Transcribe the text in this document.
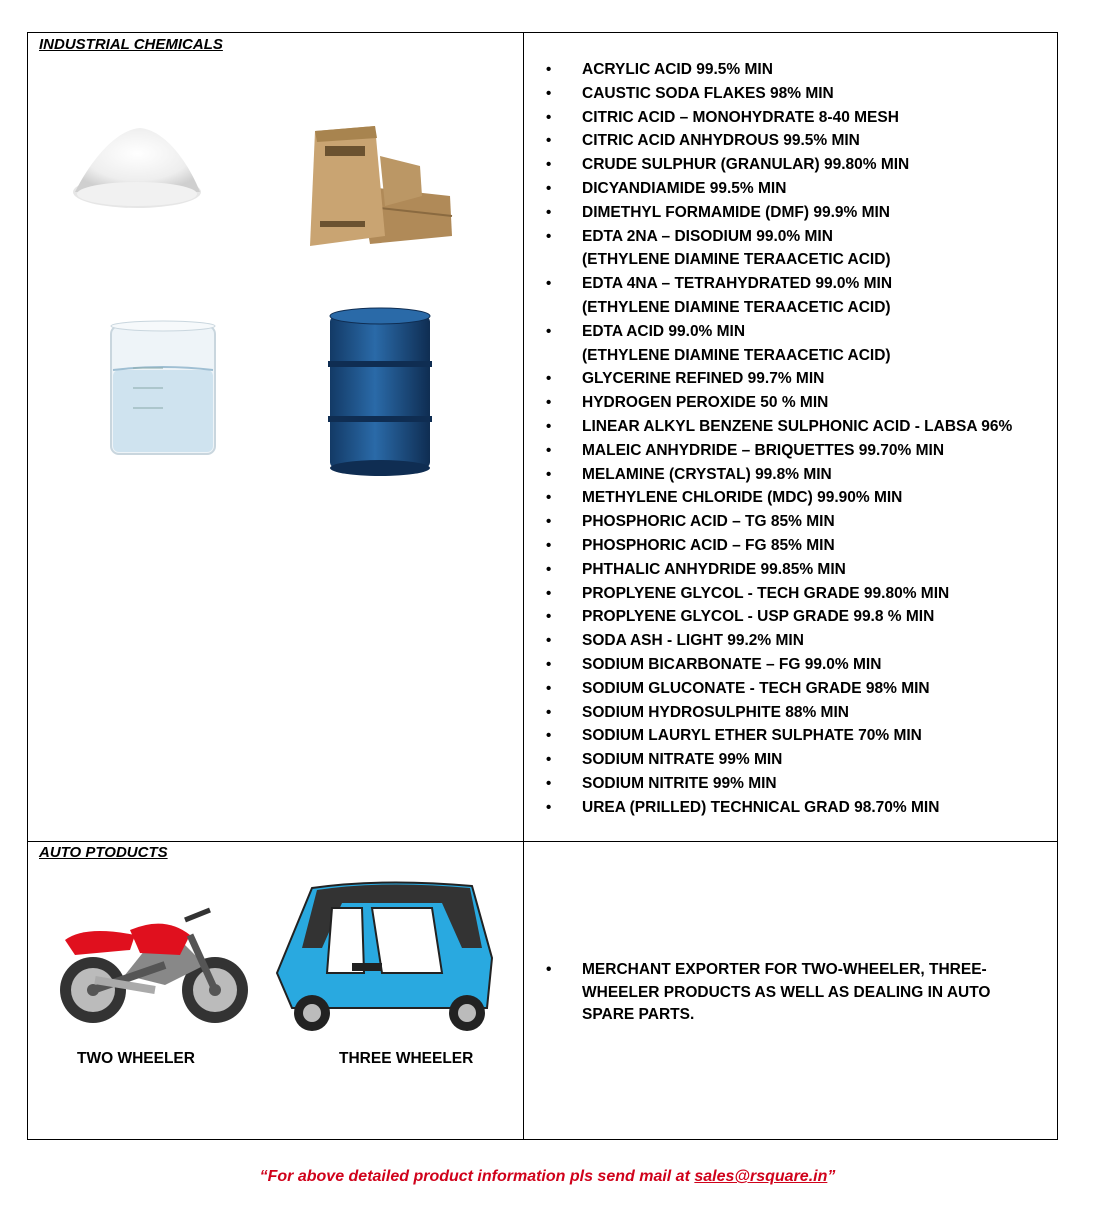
INDUSTRIAL CHEMICALS
• ACRYLIC ACID 99.5% MIN
• CAUSTIC SODA FLAKES 98% MIN
• CITRIC ACID – MONOHYDRATE 8-40 MESH
• CITRIC ACID ANHYDROUS 99.5% MIN
• CRUDE SULPHUR (GRANULAR) 99.80% MIN
• DICYANDIAMIDE 99.5% MIN
• DIMETHYL FORMAMIDE (DMF) 99.9% MIN
• EDTA 2NA – DISODIUM 99.0% MIN
(ETHYLENE DIAMINE TERAACETIC ACID)
• EDTA 4NA – TETRAHYDRATED 99.0% MIN
(ETHYLENE DIAMINE TERAACETIC ACID)
• EDTA ACID 99.0% MIN
(ETHYLENE DIAMINE TERAACETIC ACID)
• GLYCERINE REFINED 99.7% MIN
• HYDROGEN PEROXIDE 50 % MIN
• LINEAR ALKYL BENZENE SULPHONIC ACID - LABSA 96%
• MALEIC ANHYDRIDE – BRIQUETTES 99.70% MIN
• MELAMINE (CRYSTAL) 99.8% MIN
• METHYLENE CHLORIDE (MDC) 99.90% MIN
• PHOSPHORIC ACID – TG 85% MIN
• PHOSPHORIC ACID – FG 85% MIN
• PHTHALIC ANHYDRIDE 99.85% MIN
• PROPLYENE GLYCOL - TECH GRADE 99.80% MIN
• PROPLYENE GLYCOL - USP GRADE 99.8 % MIN
• SODA ASH - LIGHT 99.2% MIN
• SODIUM BICARBONATE – FG 99.0% MIN
• SODIUM GLUCONATE - TECH GRADE 98% MIN
• SODIUM HYDROSULPHITE 88% MIN
• SODIUM LAURYL ETHER SULPHATE 70% MIN
• SODIUM NITRATE 99% MIN
• SODIUM NITRITE 99% MIN
• UREA (PRILLED) TECHNICAL GRAD 98.70% MIN
AUTO PTODUCTS
TWO WHEELER	THREE WHEELER
• MERCHANT EXPORTER FOR TWO-WHEELER, THREE-WHEELER PRODUCTS AS WELL AS DEALING IN AUTO SPARE PARTS.
“For above detailed product information pls send mail at sales@rsquare.in”
